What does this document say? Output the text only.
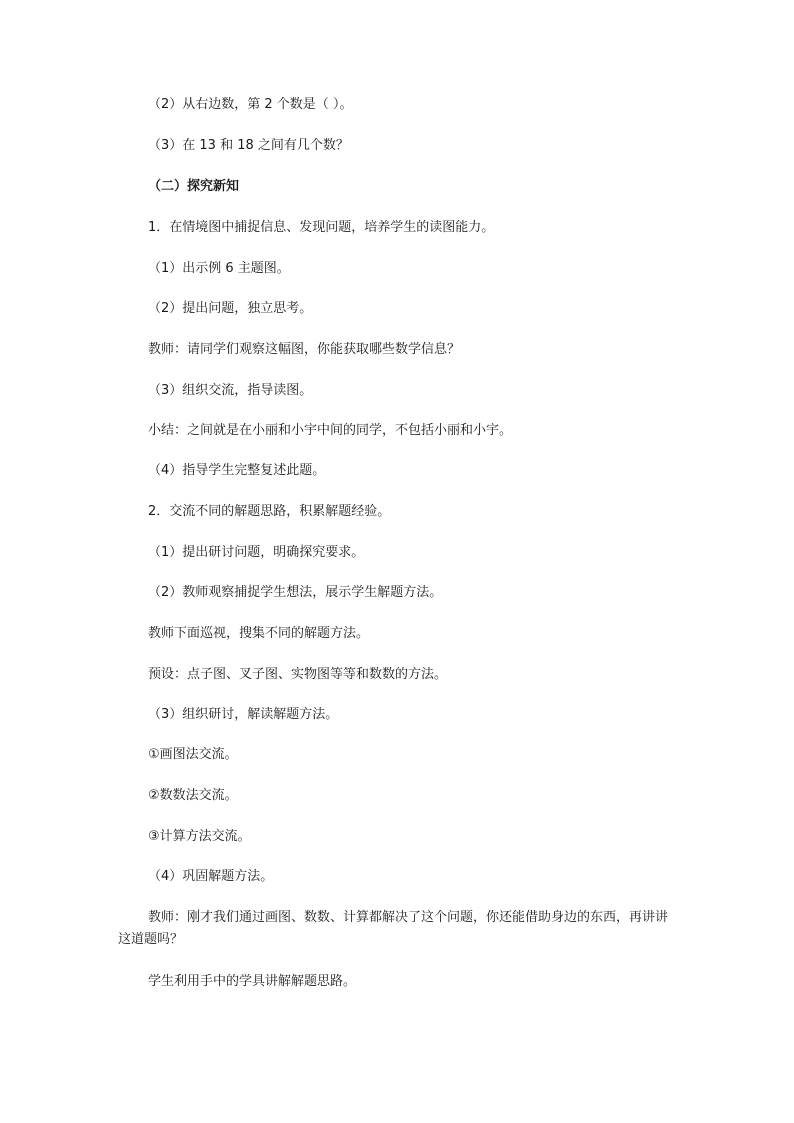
（2）从右边数，第 2 个数是（ ）。
（3）在 13 和 18 之间有几个数？
（二）探究新知
1．在情境图中捕捉信息、发现问题，培养学生的读图能力。
（1）出示例 6 主题图。
（2）提出问题，独立思考。
教师：请同学们观察这幅图，你能获取哪些数学信息？
（3）组织交流，指导读图。
小结：之间就是在小丽和小宇中间的同学，不包括小丽和小宇。
（4）指导学生完整复述此题。
2．交流不同的解题思路，积累解题经验。
（1）提出研讨问题，明确探究要求。
（2）教师观察捕捉学生想法，展示学生解题方法。
教师下面巡视，搜集不同的解题方法。
预设：点子图、叉子图、实物图等等和数数的方法。
（3）组织研讨，解读解题方法。
①画图法交流。
②数数法交流。
③计算方法交流。
（4）巩固解题方法。
教师：刚才我们通过画图、数数、计算都解决了这个问题，你还能借助身边的东西，再讲讲这道题吗？
学生利用手中的学具讲解解题思路。
